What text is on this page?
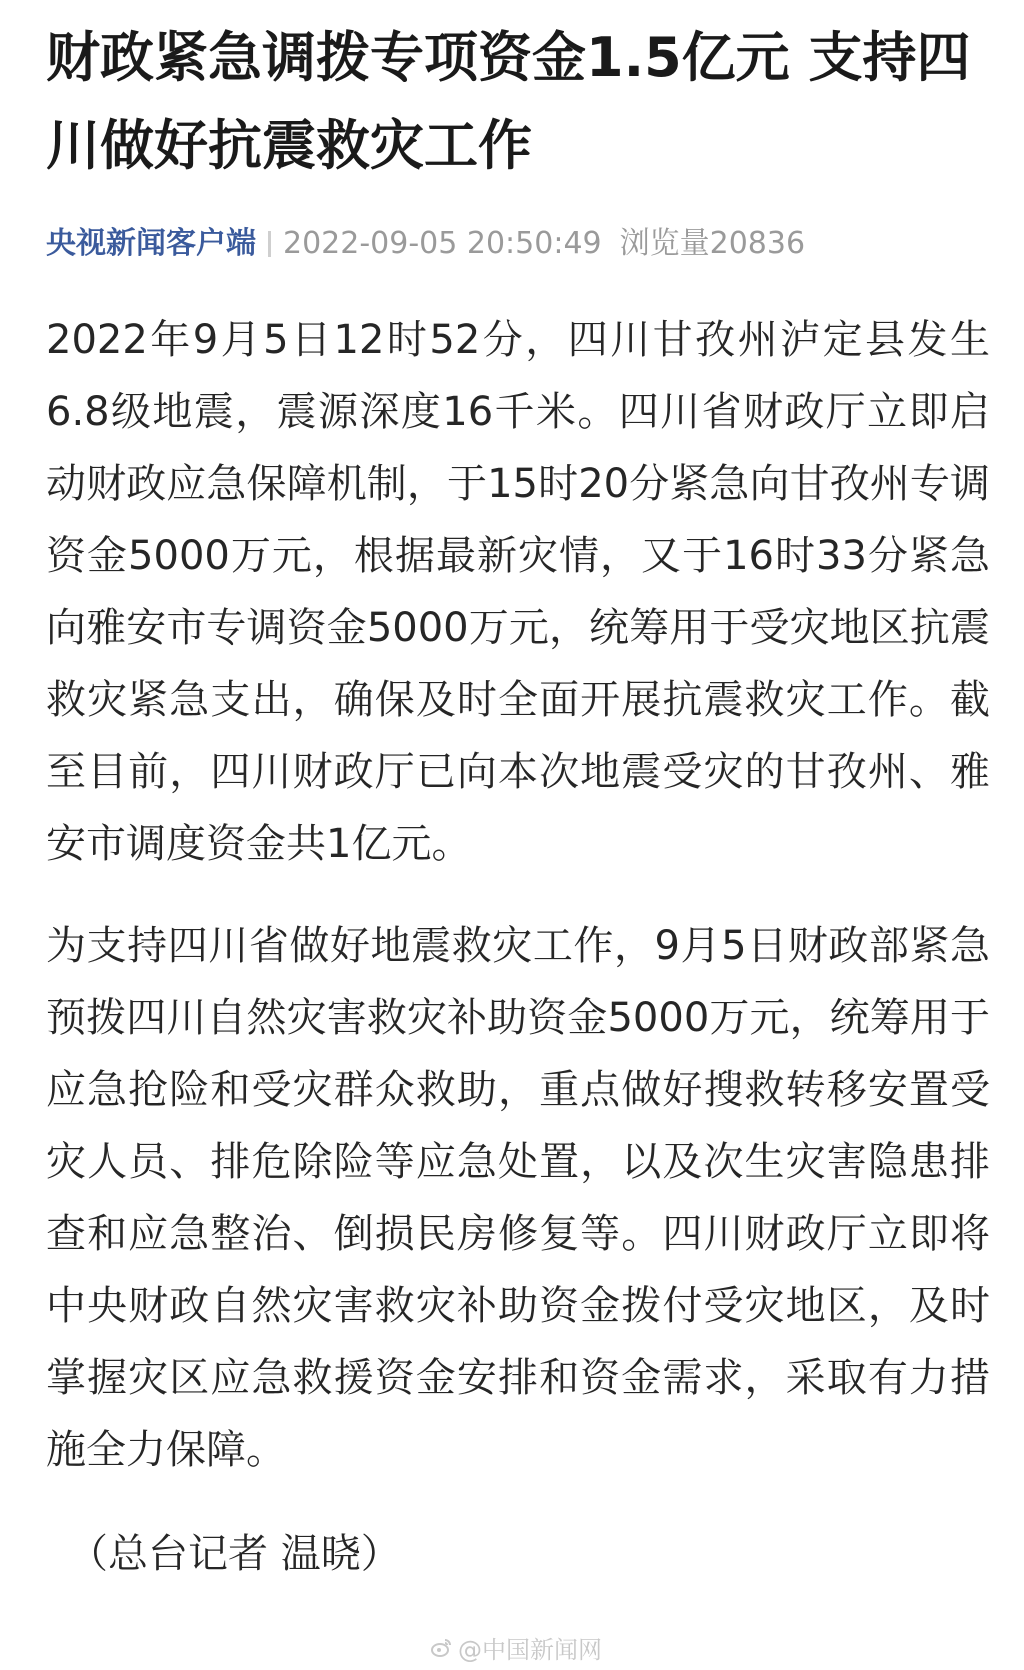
财政紧急调拨专项资金1.5亿元 支持四川做好抗震救灾工作
央视新闻客户端 2022-09-05 20:50:49 浏览量20836

2022年9月5日12时52分，四川甘孜州泸定县发生6.8级地震，震源深度16千米。四川省财政厅立即启动财政应急保障机制，于15时20分紧急向甘孜州专调资金5000万元，根据最新灾情，又于16时33分紧急向雅安市专调资金5000万元，统筹用于受灾地区抗震救灾紧急支出，确保及时全面开展抗震救灾工作。截至目前，四川财政厅已向本次地震受灾的甘孜州、雅安市调度资金共1亿元。

为支持四川省做好地震救灾工作，9月5日财政部紧急预拨四川自然灾害救灾补助资金5000万元，统筹用于应急抢险和受灾群众救助，重点做好搜救转移安置受灾人员、排危除险等应急处置，以及次生灾害隐患排查和应急整治、倒损民房修复等。四川财政厅立即将中央财政自然灾害救灾补助资金拨付受灾地区，及时掌握灾区应急救援资金安排和资金需求，采取有力措施全力保障。

（总台记者 温晓）
@中国新闻网
